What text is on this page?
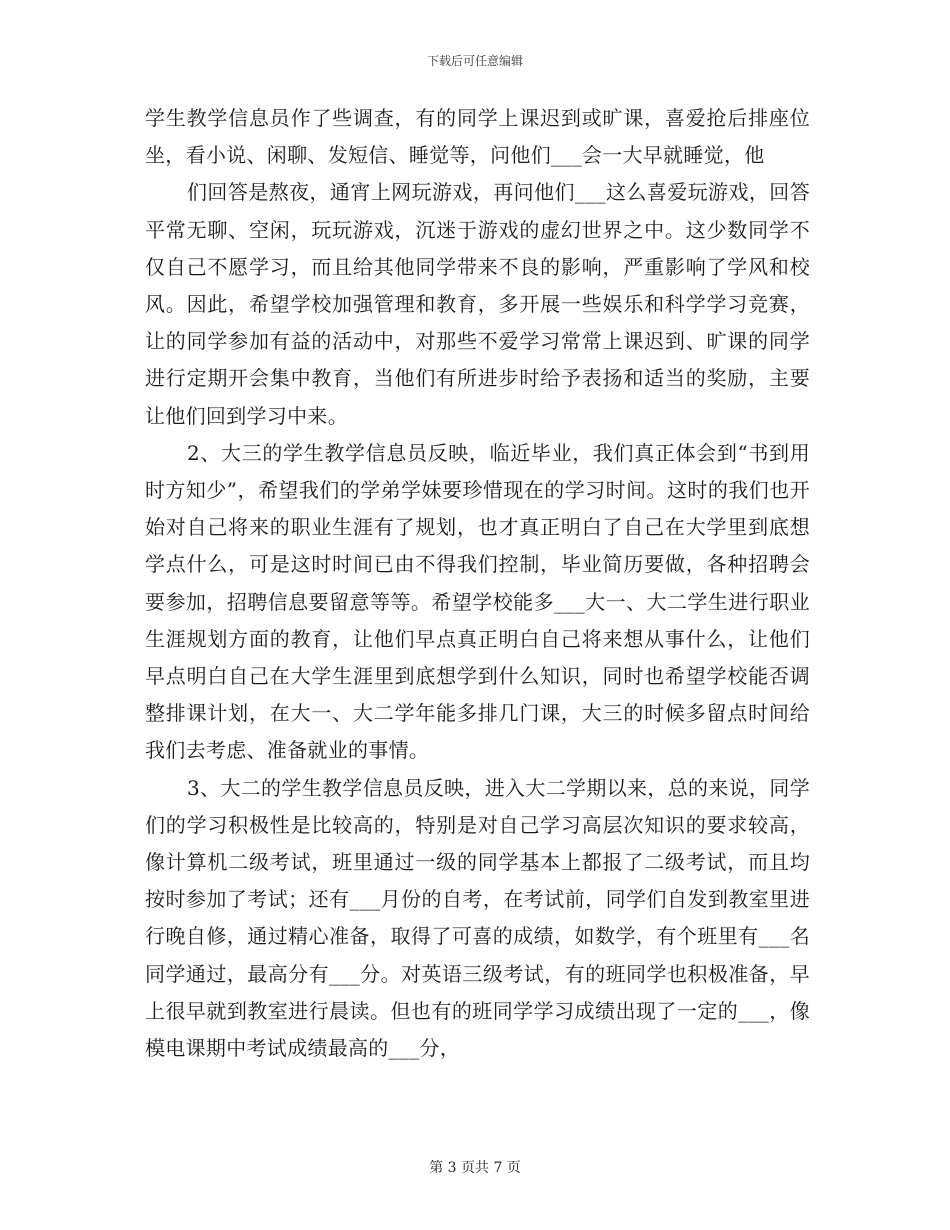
下载后可任意编辑

学生教学信息员作了些调查，有的同学上课迟到或旷课，喜爱抢后排座位坐，看小说、闲聊、发短信、睡觉等，问他们___会一大早就睡觉，他

们回答是熬夜，通宵上网玩游戏，再问他们___这么喜爱玩游戏，回答平常无聊、空闲，玩玩游戏，沉迷于游戏的虚幻世界之中。这少数同学不仅自己不愿学习，而且给其他同学带来不良的影响，严重影响了学风和校风。因此，希望学校加强管理和教育，多开展一些娱乐和科学学习竞赛，让的同学参加有益的活动中，对那些不爱学习常常上课迟到、旷课的同学进行定期开会集中教育，当他们有所进步时给予表扬和适当的奖励，主要让他们回到学习中来。

2、大三的学生教学信息员反映，临近毕业，我们真正体会到“书到用时方知少”，希望我们的学弟学妹要珍惜现在的学习时间。这时的我们也开始对自己将来的职业生涯有了规划，也才真正明白了自己在大学里到底想学点什么，可是这时时间已由不得我们控制，毕业简历要做，各种招聘会要参加，招聘信息要留意等等。希望学校能多___大一、大二学生进行职业生涯规划方面的教育，让他们早点真正明白自己将来想从事什么，让他们早点明白自己在大学生涯里到底想学到什么知识，同时也希望学校能否调整排课计划，在大一、大二学年能多排几门课，大三的时候多留点时间给我们去考虑、准备就业的事情。

3、大二的学生教学信息员反映，进入大二学期以来，总的来说，同学们的学习积极性是比较高的，特别是对自己学习高层次知识的要求较高，像计算机二级考试，班里通过一级的同学基本上都报了二级考试，而且均按时参加了考试；还有___月份的自考，在考试前，同学们自发到教室里进行晚自修，通过精心准备，取得了可喜的成绩，如数学，有个班里有___名同学通过，最高分有___分。对英语三级考试，有的班同学也积极准备，早上很早就到教室进行晨读。但也有的班同学学习成绩出现了一定的___，像模电课期中考试成绩最高的___分，

第 3 页共 7 页
